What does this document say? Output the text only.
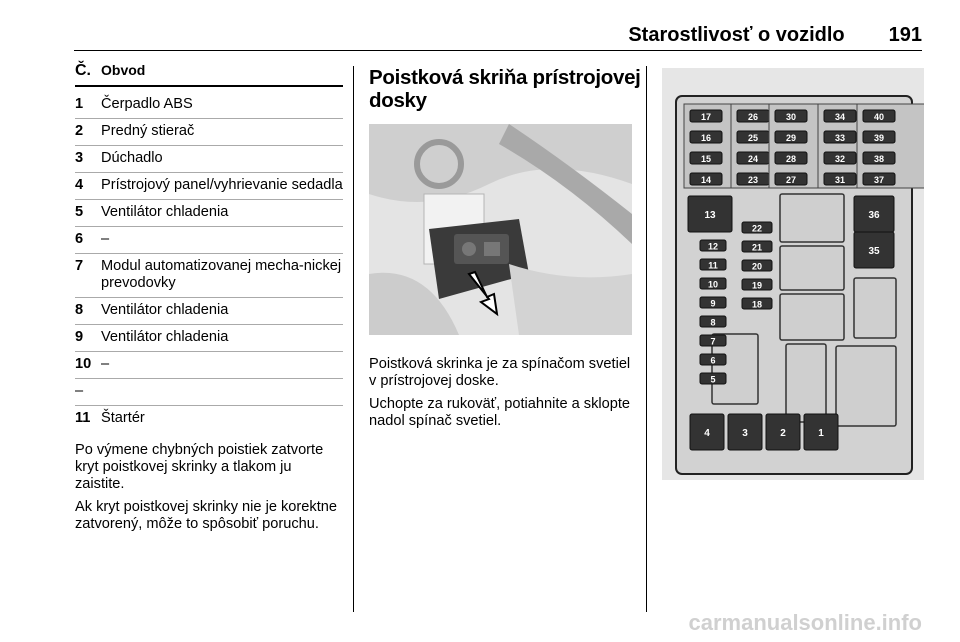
Starostlivosť o vozidlo 191
Č. Obvod
1	Čerpadlo ABS
2	Predný stierač
3	Dúchadlo
4	Prístrojový panel/vyhrievanie sedadla
5	Ventilátor chladenia
6	–
7	Modul automatizovanej mecha-nickej prevodovky
8	Ventilátor chladenia
9	Ventilátor chladenia
10 –
–
11 Štartér
Po výmene chybných poistiek zatvorte kryt poistkovej skrinky a tlakom ju zaistite.
Ak kryt poistkovej skrinky nie je korektne zatvorený, môže to spôsobiť poruchu.
Poistková skriňa prístrojovej dosky
Poistková skrinka je za spínačom svetiel v prístrojovej doske.
Uchopte za rukoväť, potiahnite a sklopte nadol spínač svetiel.
17
16
15
14
26
25
24
23
30
29
28
27
34
33
32
31
40
39
38
37
13	36
35
12
11
10
9
8
7
6
5
22
21
20
19
18
4	3	2	1
carmanualsonline.info
